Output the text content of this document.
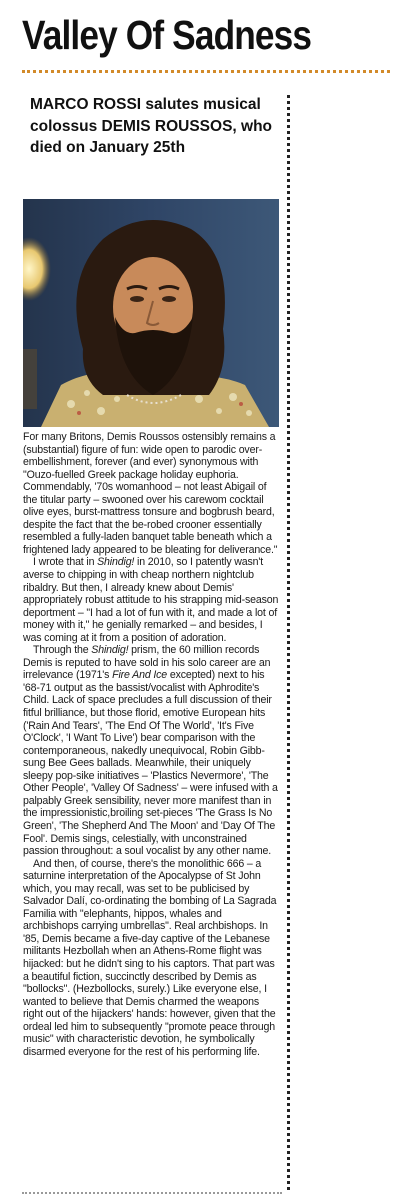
Valley Of Sadness
MARCO ROSSI salutes musical colossus DEMIS ROUSSOS, who died on January 25th

For many Britons, Demis Roussos ostensibly remains a (substantial) figure of fun: wide open to parodic over-embellishment, forever (and ever) synonymous with "Ouzo-fuelled Greek package holiday euphoria. Commendably, '70s womanhood – not least Abigail of the titular party – swooned over his carewom cocktail olive eyes, burst-mattress tonsure and bogbrush beard, despite the fact that the be-robed crooner essentially resembled a fully-laden banquet table beneath which a frightened lady appeared to be bleating for deliverance."

I wrote that in Shindig! in 2010, so I patently wasn't averse to chipping in with cheap northern nightclub ribaldry. But then, I already knew about Demis' appropriately robust attitude to his strapping mid-season deportment – "I had a lot of fun with it, and made a lot of money with it," he genially remarked – and besides, I was coming at it from a position of adoration.

Through the Shindig! prism, the 60 million records Demis is reputed to have sold in his solo career are an irrelevance (1971's Fire And Ice excepted) next to his '68-71 output as the bassist/vocalist with Aphrodite's Child. Lack of space precludes a full discussion of their fitful brilliance, but those florid, emotive European hits ('Rain And Tears', 'The End Of The World', 'It's Five O'Clock', 'I Want To Live') bear comparison with the contemporaneous, nakedly unequivocal, Robin Gibb-sung Bee Gees ballads. Meanwhile, their uniquely sleepy pop-sike initiatives – 'Plastics Nevermore', 'The Other People', 'Valley Of Sadness' – were infused with a palpably Greek sensibility, never more manifest than in the impressionistic,broiling set-pieces 'The Grass Is No Green', 'The Shepherd And The Moon' and 'Day Of The Fool'. Demis sings, celestially, with unconstrained passion throughout: a soul vocalist by any other name.

And then, of course, there's the monolithic 666 – a saturnine interpretation of the Apocalypse of St John which, you may recall, was set to be publicised by Salvador Dalí, co-ordinating the bombing of La Sagrada Familia with "elephants, hippos, whales and archbishops carrying umbrellas". Real archbishops. In '85, Demis became a five-day captive of the Lebanese militants Hezbollah when an Athens-Rome flight was hijacked: but he didn't sing to his captors. That part was a beautiful fiction, succinctly described by Demis as "bollocks". (Hezbollocks, surely.) Like everyone else, I wanted to believe that Demis charmed the weapons right out of the hijackers' hands: however, given that the ordeal led him to subsequently "promote peace through music" with characteristic devotion, he symbolically disarmed everyone for the rest of his performing life.
